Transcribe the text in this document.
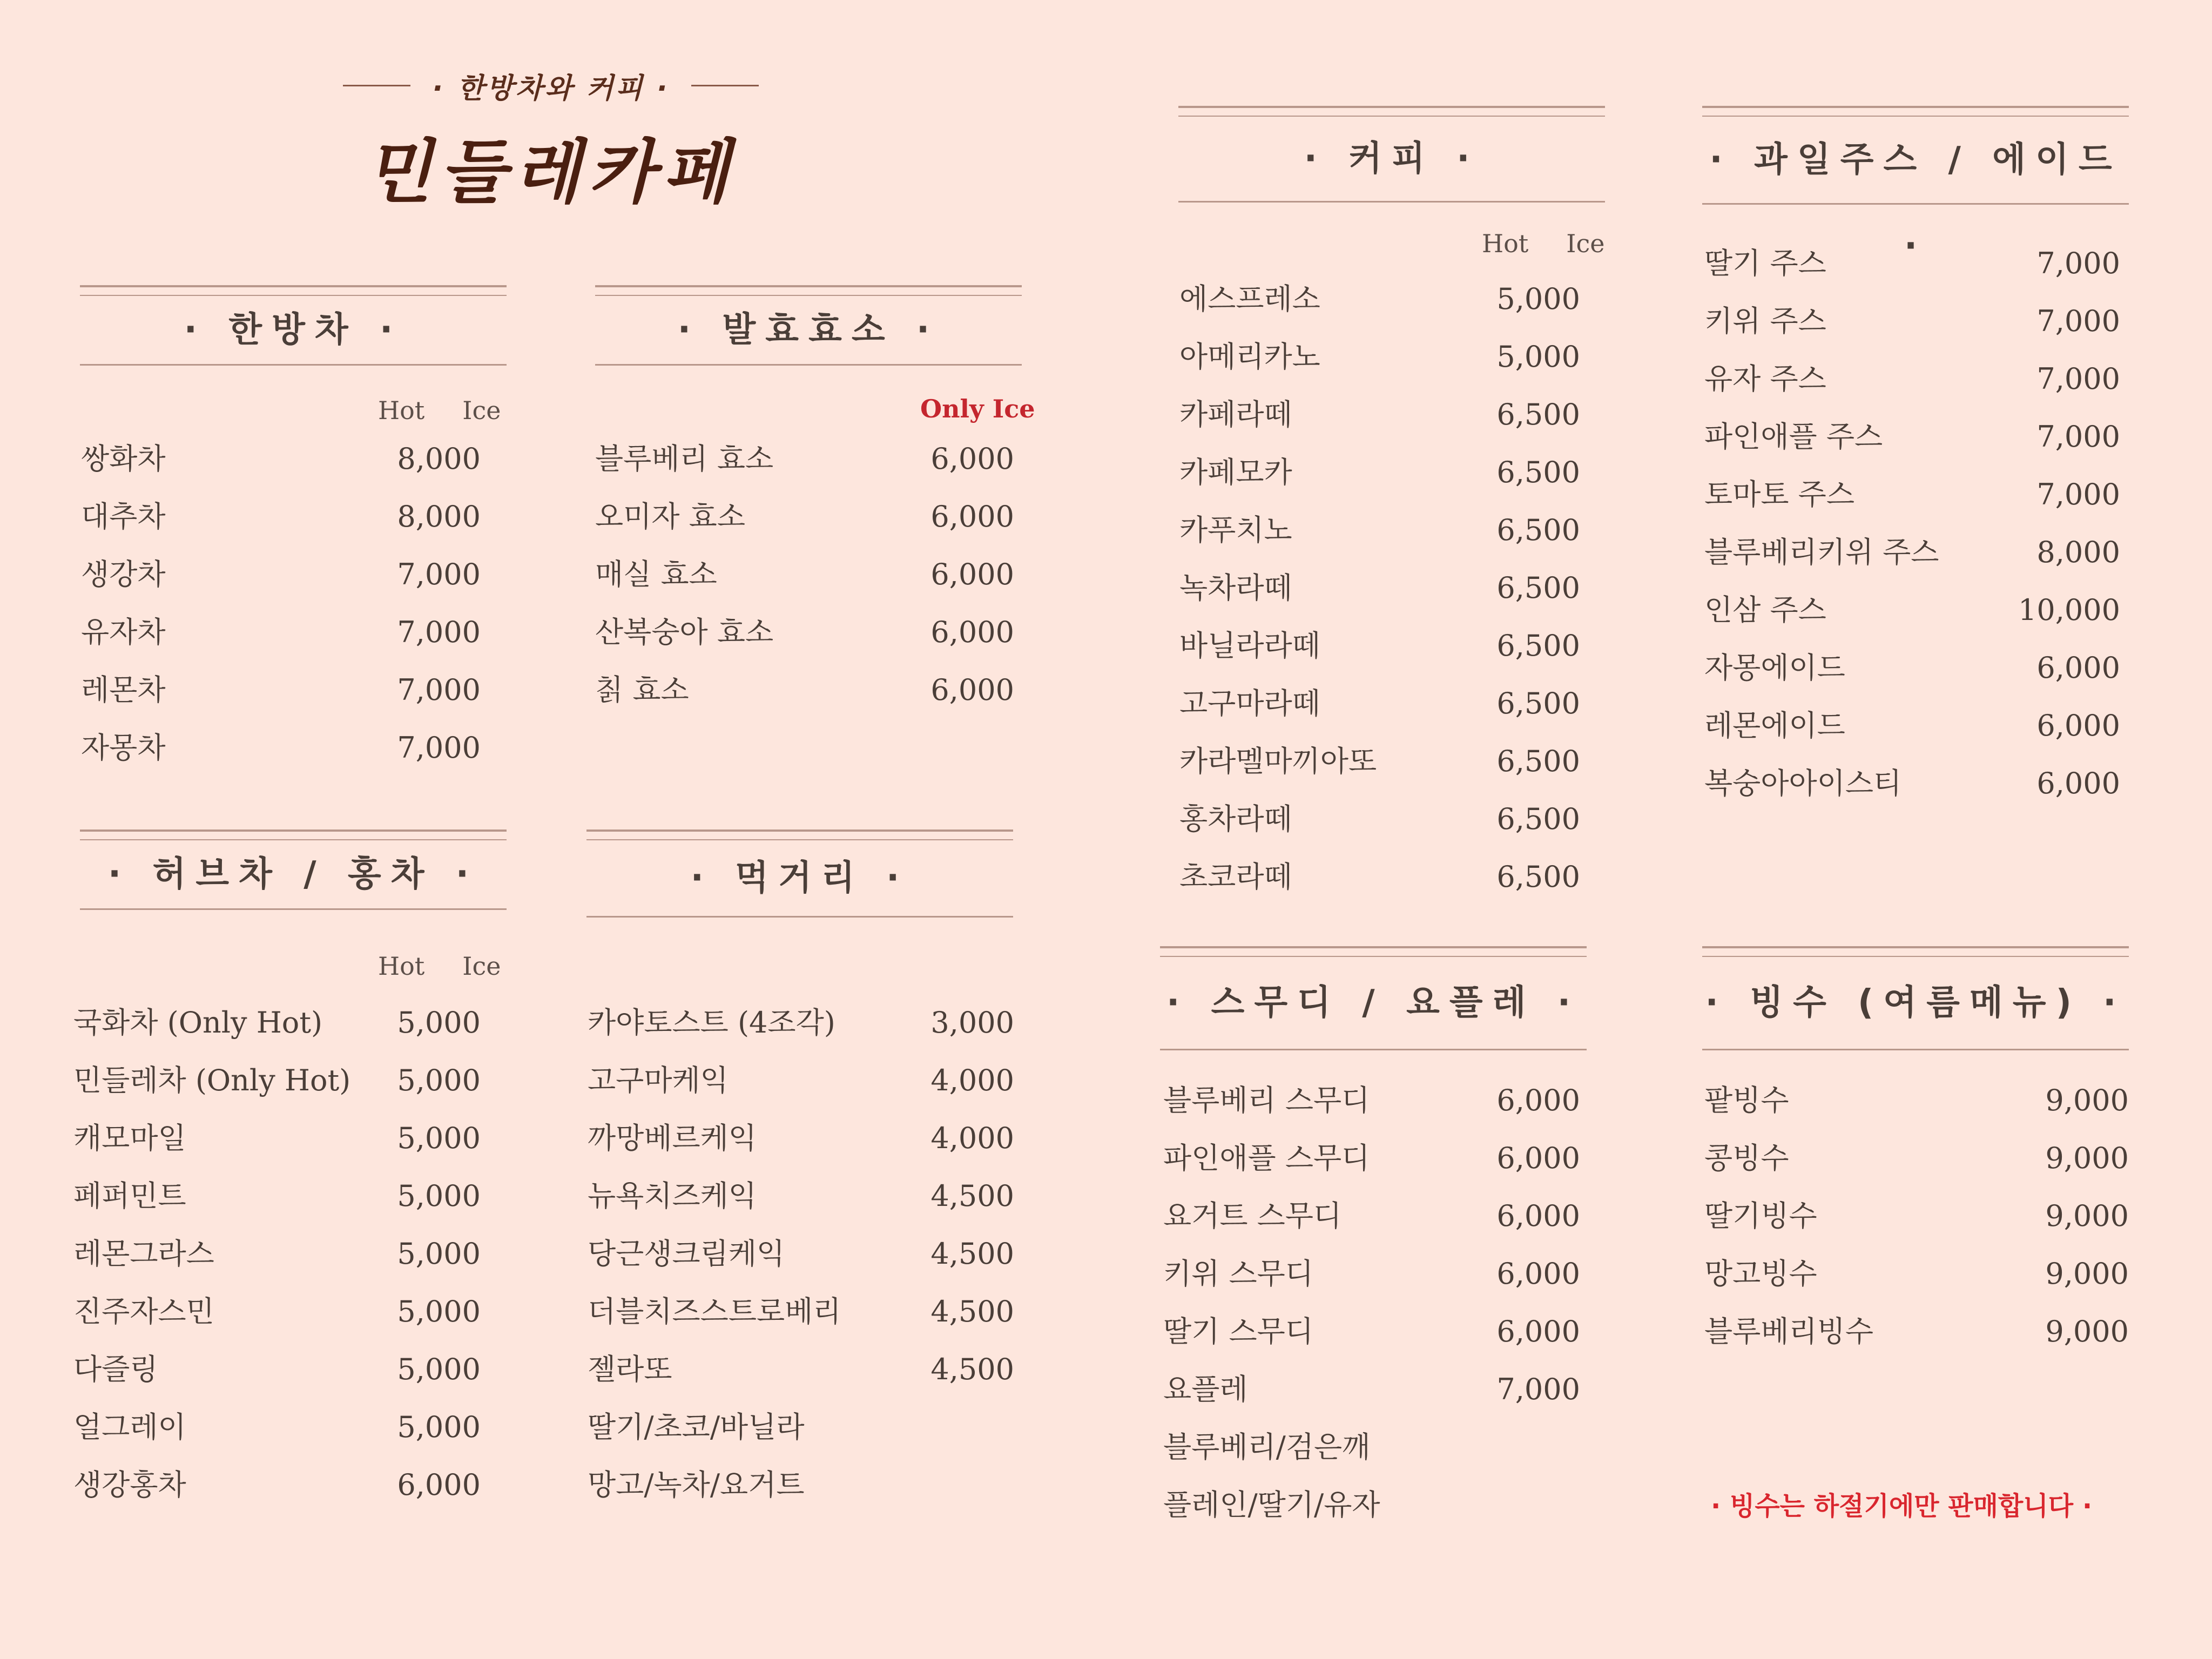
· 한방차와 커피 ·
민들레카페
· 한방차 ·
Hot Ice
쌍화차	8,000
대추차	8,000
생강차	7,000
유자차	7,000
레몬차	7,000
자몽차	7,000
· 발효효소 ·
Only Ice
블루베리 효소	6,000
오미자 효소	6,000
매실 효소	6,000
산복숭아 효소	6,000
칡 효소	6,000
· 허브차 / 홍차 ·
Hot Ice
국화차 (Only Hot)	5,000
민들레차 (Only Hot) 5,000
캐모마일	5,000
페퍼민트	5,000
레몬그라스	5,000
진주자스민	5,000
다즐링	5,000
얼그레이	5,000
생강홍차	6,000
· 먹거리 ·
카야토스트 (4조각)	3,000
고구마케익	4,000
까망베르케익	4,000
뉴욕치즈케익	4,500
당근생크림케익	4,500
더블치즈스트로베리	4,500
젤라또	4,500
딸기/초코/바닐라
망고/녹차/요거트
· 커피 ·
Hot Ice
에스프레소	5,000
아메리카노	5,000
카페라떼	6,500
카페모카	6,500
카푸치노	6,500
녹차라떼	6,500
바닐라라떼	6,500
고구마라떼	6,500
카라멜마끼아또	6,500
홍차라떼	6,500
초코라떼	6,500
· 과일주스 / 에이드 ·
딸기 주스	7,000
키위 주스	7,000
유자 주스	7,000
파인애플 주스	7,000
토마토 주스	7,000
블루베리키위 주스	8,000
인삼 주스	10,000
자몽에이드	6,000
레몬에이드	6,000
복숭아아이스티	6,000
· 스무디 / 요플레 ·
블루베리 스무디	6,000
파인애플 스무디	6,000
요거트 스무디	6,000
키위 스무디	6,000
딸기 스무디	6,000
요플레	7,000
블루베리/검은깨
플레인/딸기/유자
· 빙수 (여름메뉴) ·
팥빙수	9,000
콩빙수	9,000
딸기빙수	9,000
망고빙수	9,000
블루베리빙수	9,000
· 빙수는 하절기에만 판매합니다 ·
